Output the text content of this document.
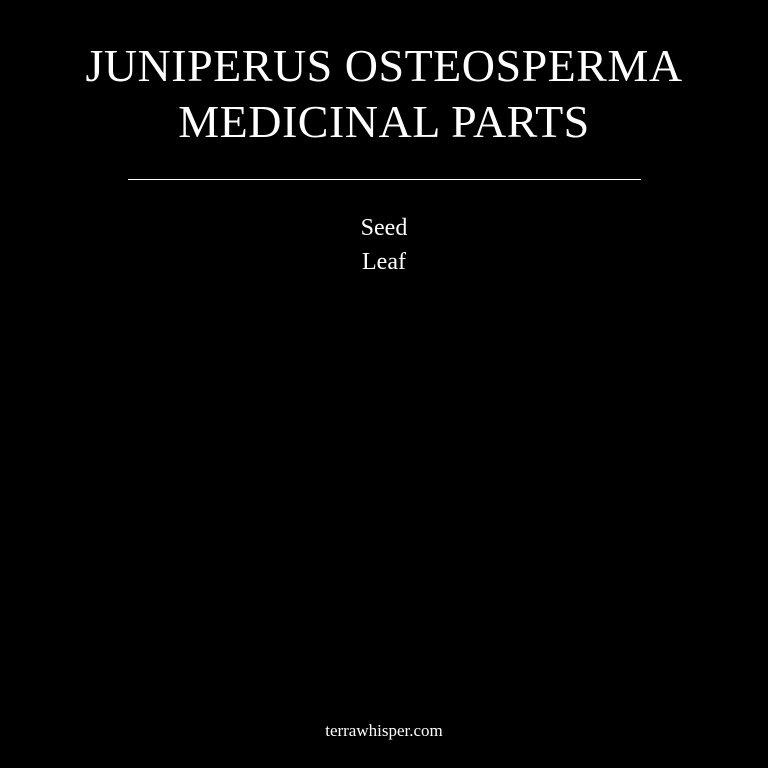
JUNIPERUS OSTEOSPERMA
MEDICINAL PARTS
Seed
Leaf
terrawhisper.com
